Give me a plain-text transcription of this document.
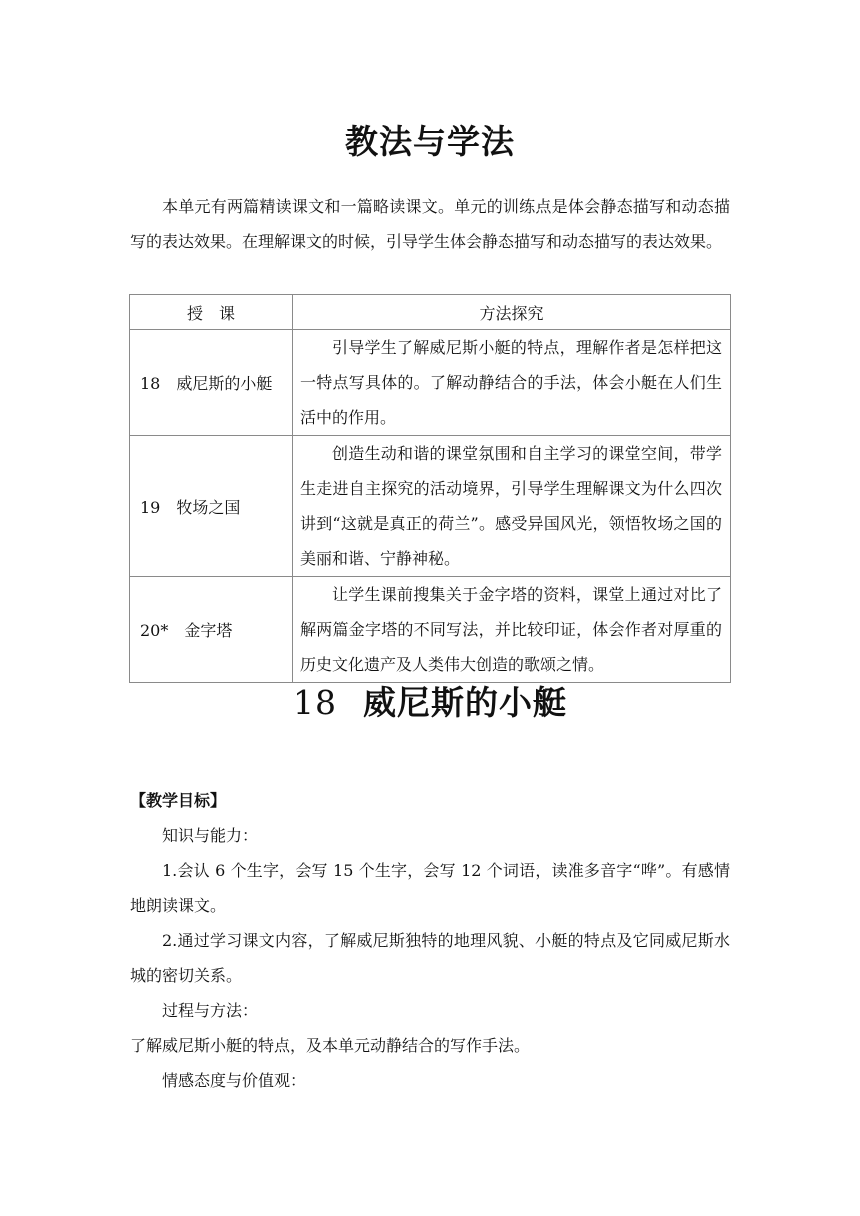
教法与学法
本单元有两篇精读课文和一篇略读课文。单元的训练点是体会静态描写和动态描写的表达效果。在理解课文的时候，引导学生体会静态描写和动态描写的表达效果。
授　课	方法探究
18 威尼斯的小艇	引导学生了解威尼斯小艇的特点，理解作者是怎样把这一特点写具体的。了解动静结合的手法，体会小艇在人们生活中的作用。
19 牧场之国	创造生动和谐的课堂氛围和自主学习的课堂空间，带学生走进自主探究的活动境界，引导学生理解课文为什么四次讲到“这就是真正的荷兰”。感受异国风光，领悟牧场之国的美丽和谐、宁静神秘。
20* 金字塔	让学生课前搜集关于金字塔的资料，课堂上通过对比了解两篇金字塔的不同写法，并比较印证，体会作者对厚重的历史文化遗产及人类伟大创造的歌颂之情。
18 威尼斯的小艇
【教学目标】
知识与能力：
1.会认 6 个生字，会写 15 个生字，会写 12 个词语，读准多音字“哗”。有感情地朗读课文。
2.通过学习课文内容，了解威尼斯独特的地理风貌、小艇的特点及它同威尼斯水城的密切关系。
过程与方法：
了解威尼斯小艇的特点，及本单元动静结合的写作手法。
情感态度与价值观：
